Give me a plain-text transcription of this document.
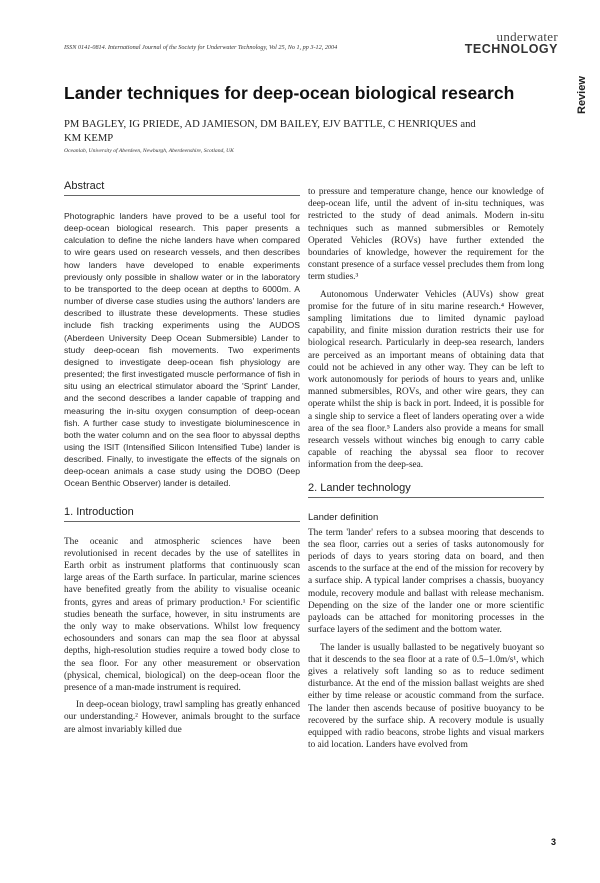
ISSN 0141-0814. International Journal of the Society for Underwater Technology, Vol 25, No 1, pp 3-12, 2004
underwater
TECHNOLOGY
Review
Lander techniques for deep-ocean biological research
PM BAGLEY, IG PRIEDE, AD JAMIESON, DM BAILEY, EJV BATTLE, C HENRIQUES and KM KEMP
Oceanlab, University of Aberdeen, Newburgh, Aberdeenshire, Scotland, UK
Abstract

Photographic landers have proved to be a useful tool for deep-ocean biological research. This paper presents a calculation to define the niche landers have when compared to wire gears used on research vessels, and then describes how landers have developed to enable experiments previously only possible in shallow water or in the laboratory to be transported to the deep ocean at depths to 6000m. A number of diverse case studies using the authors' landers are described to illustrate these developments. These studies include fish tracking experiments using the AUDOS (Aberdeen University Deep Ocean Submersible) Lander to study deep-ocean fish movements. Two experiments designed to investigate deep-ocean fish physiology are presented; the first investigated muscle performance of fish in situ using an electrical stimulator aboard the 'Sprint' Lander, and the second describes a lander capable of trapping and measuring the in-situ oxygen consumption of deep-ocean fish. A further case study to investigate bioluminescence in both the water column and on the sea floor to abyssal depths using the ISIT (Intensified Silicon Intensified Tube) lander is described. Finally, to investigate the effects of the signals on deep-ocean animals a case study using the DOBO (Deep Ocean Benthic Observer) lander is detailed.

1. Introduction

The oceanic and atmospheric sciences have been revolutionised in recent decades by the use of satellites in Earth orbit as instrument platforms that continuously scan large areas of the Earth surface. In particular, marine sciences have benefited greatly from the ability to visualise oceanic fronts, gyres and areas of primary production.¹ For scientific studies beneath the surface, however, in situ instruments are the only way to make observations. Whilst low frequency echosounders and sonars can map the sea floor at abyssal depths, high-resolution studies require a towed body close to the sea floor. For any other measurement or observation (physical, chemical, biological) on the deep-ocean floor the presence of a man-made instrument is required.

In deep-ocean biology, trawl sampling has greatly enhanced our understanding.² However, animals brought to the surface are almost invariably killed due

to pressure and temperature change, hence our knowledge of deep-ocean life, until the advent of in-situ techniques, was restricted to the study of dead animals. Modern in-situ techniques such as manned submersibles or Remotely Operated Vehicles (ROVs) have further extended the boundaries of knowledge, however the requirement for the constant presence of a surface vessel precludes them from long term studies.³

Autonomous Underwater Vehicles (AUVs) show great promise for the future of in situ marine research.⁴ However, sampling limitations due to limited dynamic payload capability, and finite mission duration restricts their use for biological research. Particularly in deep-sea research, landers are perceived as an important means of obtaining data that could not be achieved in any other way. They can be left to work autonomously for periods of hours to years and, unlike manned submersibles, ROVs, and other wire gears, they can operate whilst the ship is back in port. Indeed, it is possible for a single ship to service a fleet of landers operating over a wide area of the sea floor.⁵ Landers also provide a means for small research vessels without winches big enough to carry cable capable of reaching the abyssal sea floor to recover information from the deep-sea.

2. Lander technology
Lander definition

The term 'lander' refers to a subsea mooring that descends to the sea floor, carries out a series of tasks autonomously for periods of days to years storing data on board, and then ascends to the surface at the end of the mission for recovery by a surface ship. A typical lander comprises a chassis, buoyancy module, recovery module and ballast with release mechanism. Depending on the size of the lander one or more scientific payloads can be attached for monitoring processes in the surface layers of the sediment and the bottom water.

The lander is usually ballasted to be negatively buoyant so that it descends to the sea floor at a rate of 0.5–1.0m/s¹, which gives a relatively soft landing so as to reduce sediment disturbance. At the end of the mission ballast weights are shed either by time release or acoustic command from the surface. The lander then ascends because of positive buoyancy to be recovered by the surface ship. A recovery module is usually equipped with radio beacons, strobe lights and visual markers to aid location. Landers have evolved from

3
